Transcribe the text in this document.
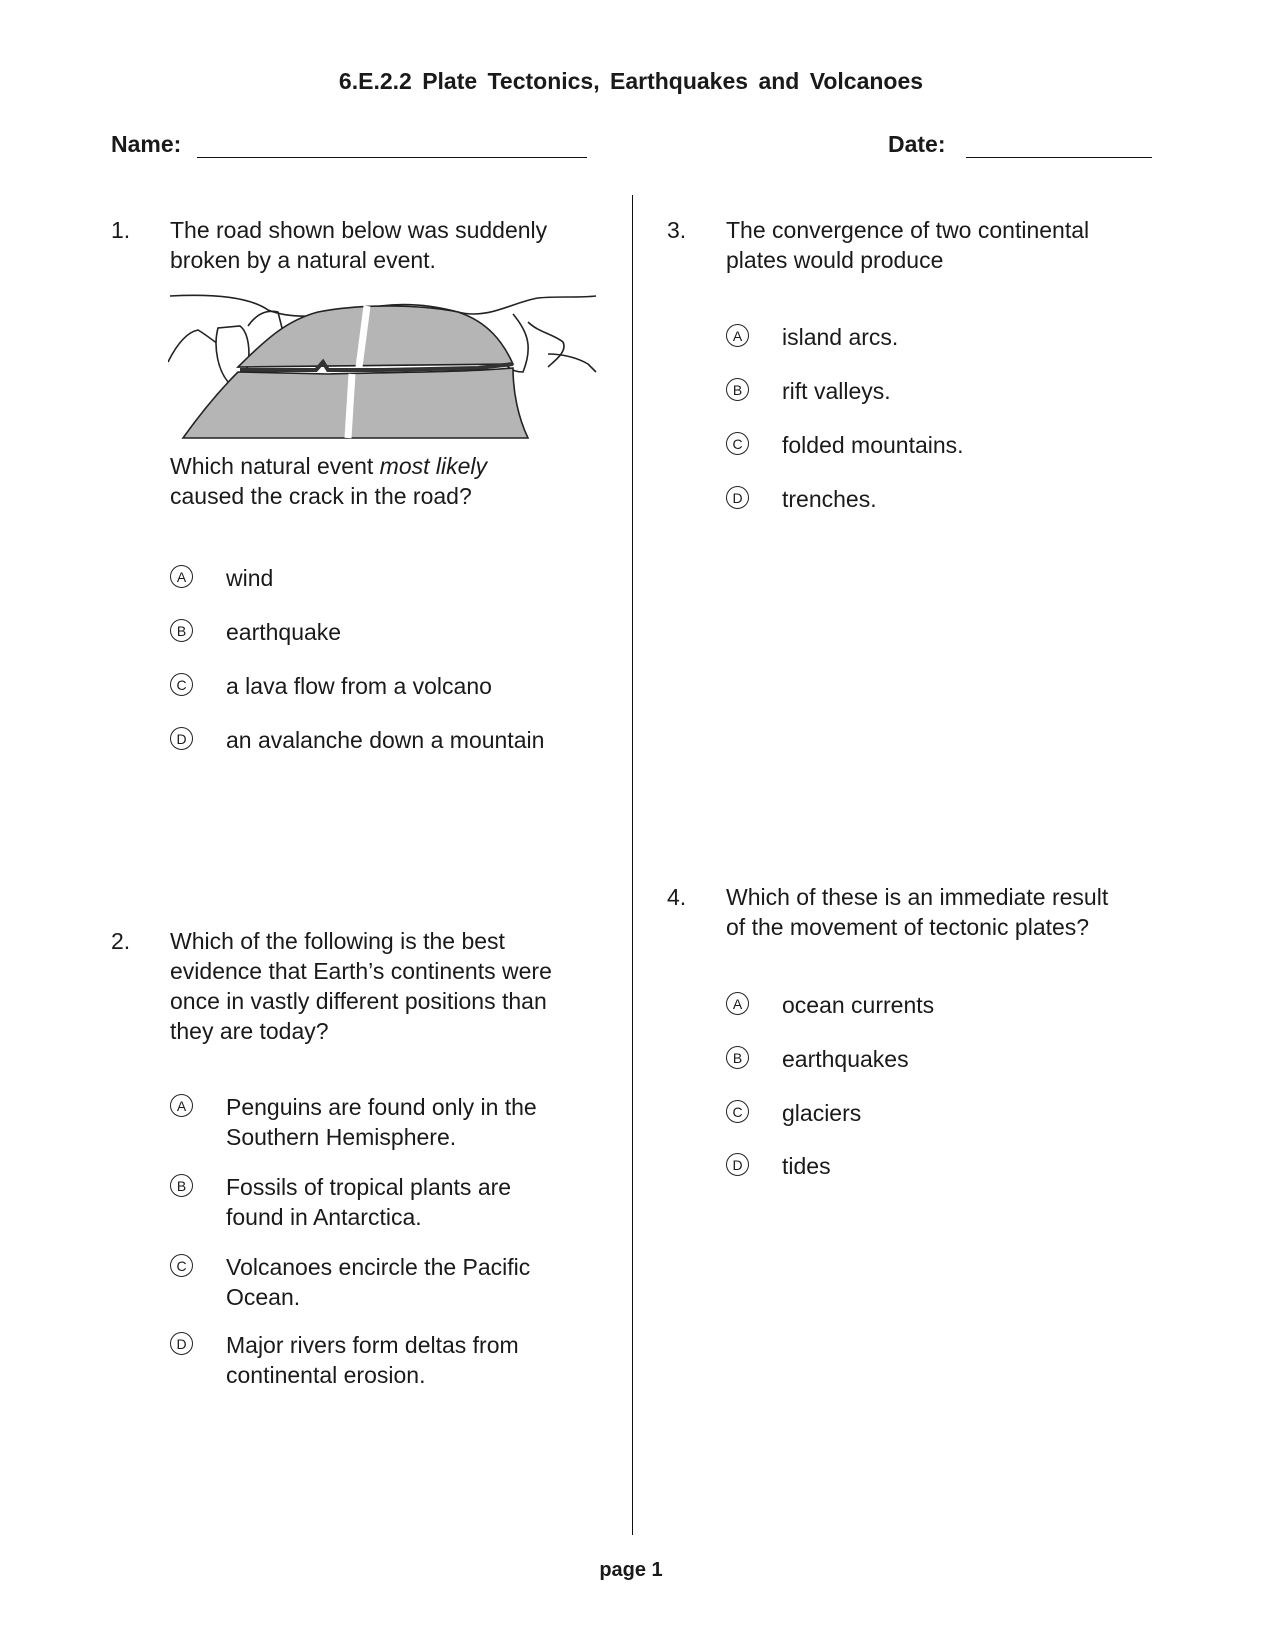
6.E.2.2 Plate Tectonics, Earthquakes and Volcanoes
Name:	Date:
1. The road shown below was suddenly
broken by a natural event.
Which natural event most likely
caused the crack in the road?
A wind
B earthquake
C a lava flow from a volcano
D an avalanche down a mountain
2. Which of the following is the best
evidence that Earth’s continents were
once in vastly different positions than
they are today?
A Penguins are found only in the
Southern Hemisphere.
B Fossils of tropical plants are
found in Antarctica.
C Volcanoes encircle the Pacific
Ocean.
D Major rivers form deltas from
continental erosion.
3. The convergence of two continental
plates would produce
A island arcs.
B rift valleys.
C folded mountains.
D trenches.
4. Which of these is an immediate result
of the movement of tectonic plates?
A ocean currents
B earthquakes
C glaciers
D tides
page 1
